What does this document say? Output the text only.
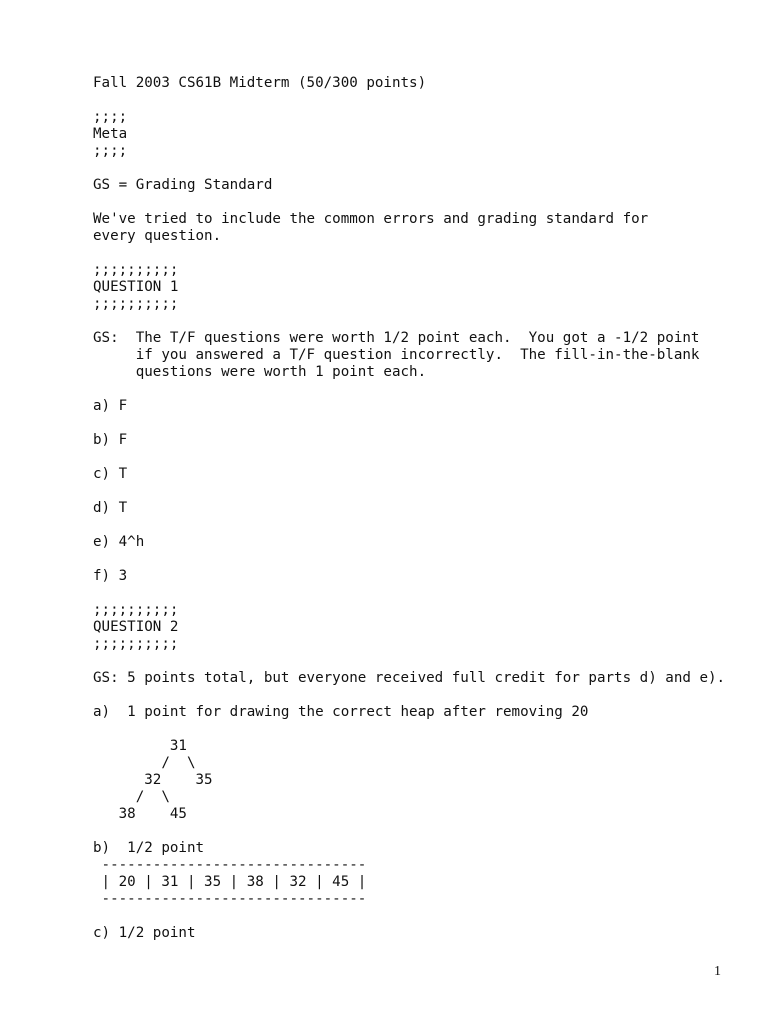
Fall 2003 CS61B Midterm (50/300 points)
;;;;
Meta
;;;;
GS = Grading Standard
We've tried to include the common errors and grading standard for
every question.
;;;;;;;;;;
QUESTION 1
;;;;;;;;;;
GS:  The T/F questions were worth 1/2 point each.  You got a -1/2 point
if you answered a T/F question incorrectly.  The fill-in-the-blank
questions were worth 1 point each.
a) F
b) F
c) T
d) T
e) 4^h
f) 3
;;;;;;;;;;
QUESTION 2
;;;;;;;;;;
GS: 5 points total, but everyone received full credit for parts d) and e).
a)  1 point for drawing the correct heap after removing 20
31
/  \
32    35
/  \
38    45
b)  1/2 point
-------------------------------
| 20 | 31 | 35 | 38 | 32 | 45 |
-------------------------------
c) 1/2 point
1
